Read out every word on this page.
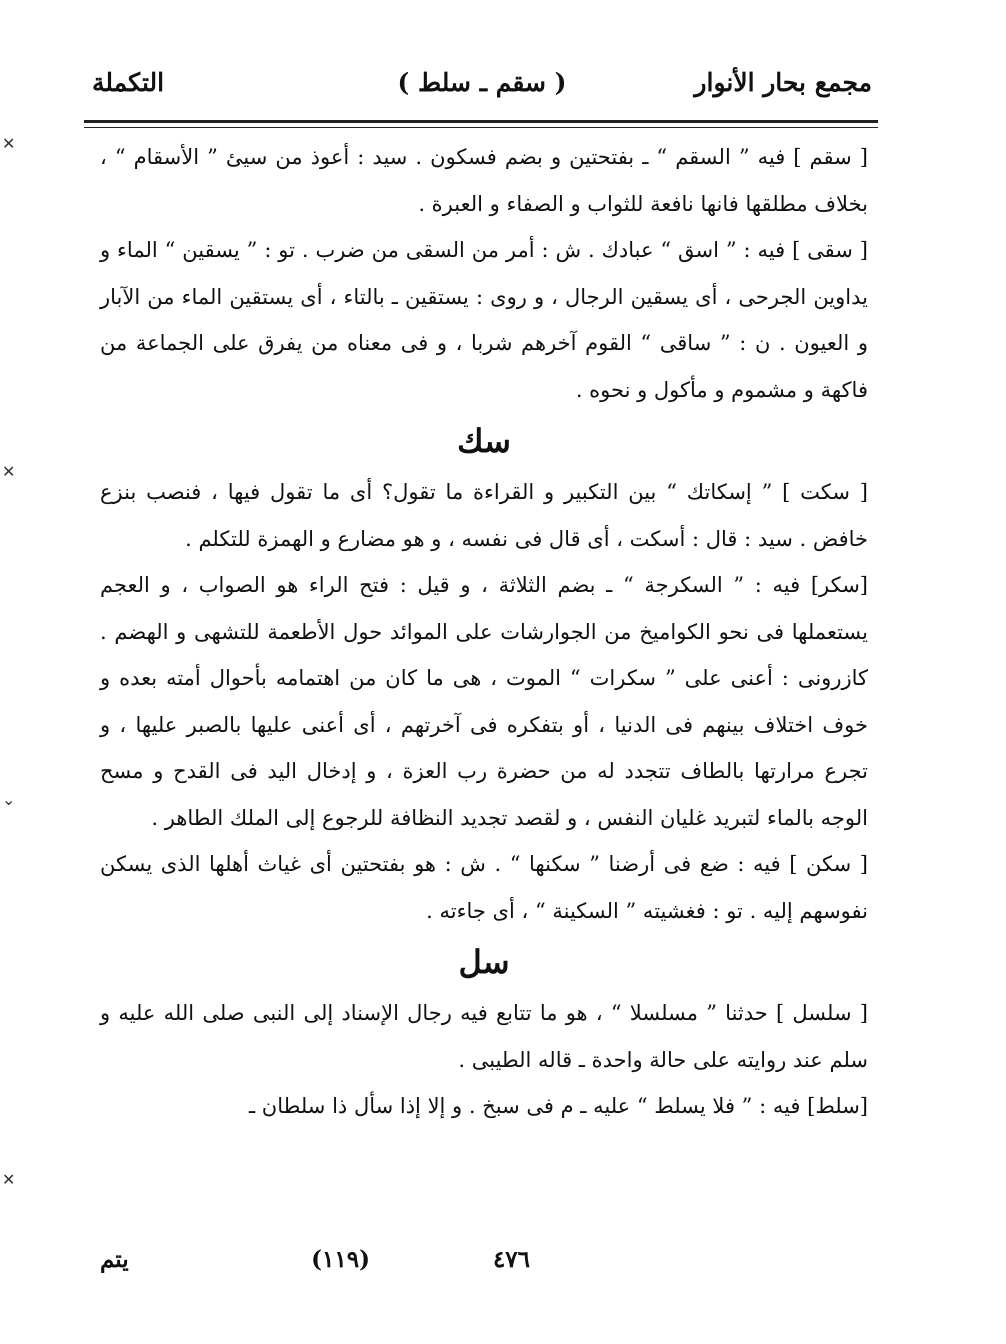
مجمع بحار الأنوار
( سقم ـ سلط )
التكملة

[ سقم ] فيه ” السقم “ ـ بفتحتين و بضم فسكون . سيد : أعوذ من سيئ ” الأسقام “ ، بخلاف مطلقها فانها نافعة للثواب و الصفاء و العبرة .

[ سقى ] فيه : ” اسق “ عبادك . ش : أمر من السقى من ضرب . تو : ” يسقين “ الماء و يداوين الجرحى ، أى يسقين الرجال ، و روى : يستقين ـ بالتاء ، أى يستقين الماء من الآبار و العيون . ن : ” ساقى “ القوم آخرهم شربا ، و فى معناه من يفرق على الجماعة من فاكهة و مشموم و مأكول و نحوه .

سك

[ سكت ] ” إسكاتك “ بين التكبير و القراءة ما تقول؟ أى ما تقول فيها ، فنصب بنزع خافض . سيد : قال : أسكت ، أى قال فى نفسه ، و هو مضارع و الهمزة للتكلم .

[سكر] فيه : ” السكرجة “ ـ بضم الثلاثة ، و قيل : فتح الراء هو الصواب ، و العجم يستعملها فى نحو الكواميخ من الجوارشات على الموائد حول الأطعمة للتشهى و الهضم . كازرونى : أعنى على ” سكرات “ الموت ، هى ما كان من اهتمامه بأحوال أمته بعده و خوف اختلاف بينهم فى الدنيا ، أو بتفكره فى آخرتهم ، أى أعنى عليها بالصبر عليها ، و تجرع مرارتها بالطاف تتجدد له من حضرة رب العزة ، و إدخال اليد فى القدح و مسح الوجه بالماء لتبريد غليان النفس ، و لقصد تجديد النظافة للرجوع إلى الملك الطاهر .

[ سكن ] فيه : ضع فى أرضنا ” سكنها “ . ش : هو بفتحتين أى غياث أهلها الذى يسكن نفوسهم إليه . تو : فغشيته ” السكينة “ ، أى جاءته .

سل

[ سلسل ] حدثنا ” مسلسلا “ ، هو ما تتابع فيه رجال الإسناد إلى النبى صلى الله عليه و سلم عند روايته على حالة واحدة ـ قاله الطيبى .

[سلط] فيه : ” فلا يسلط “ عليه ـ م فى سبخ . و إلا إذا سأل ذا سلطان ـ

٤٧٦
(١١٩)
يتم
✕
✕
⌄
✕
